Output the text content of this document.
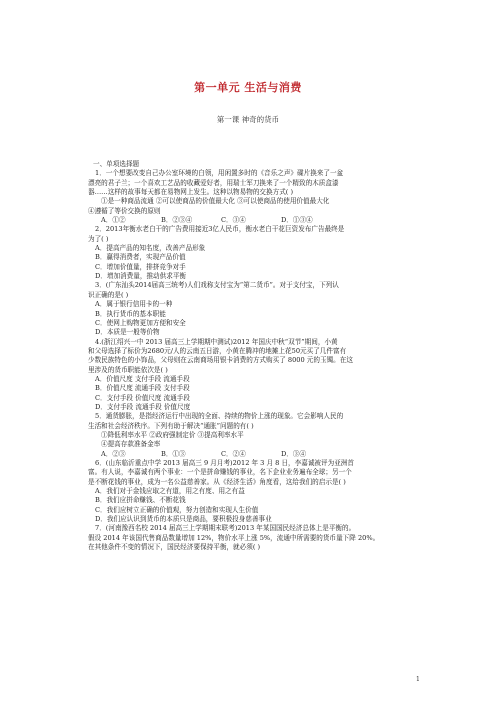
第一单元 生活与消费
第一课 神奇的货币

一、单项选择题

1．一个想要改变自己办公室环境的白领，用闲置多时的《音乐之声》碟片换来了一盆

漂亮的君子兰；一个喜欢工艺品的收藏爱好者，用瑞士军刀换来了一个精致的木质盒漆

器……这样的故事每天都在易物网上发生。这种以物易物的交换方式( )

①是一种商品流通 ②可以使商品的价值最大化 ③可以使商品的使用价值最大化

④遵循了等价交换的原则

A．①②	B．②③④	C．③④	D．①③④

2．2013年衡水老白干的广告费用接近3亿人民币，衡水老白干花巨资发布广告最终是

为了( )

A．提高产品的知名度，改善产品形象

B．赢得消费者，实现产品价值

C．增加价值量，排挤竞争对手

D．增加消费量，推动供求平衡

3．(广东汕头2014届高三统考)人们戏称支付宝为“第二货币”。对于支付宝，下列认

识正确的是( )

A．属于银行信用卡的一种

B．执行货币的基本职能

C．使网上购物更加方便和安全

D．本质是一般等价物

4.(浙江绍兴一中 2013 届高三上学期期中测试)2012 年国庆中秋“双节”期间，小黄

和父母选择了标价为2680元/人的云南五日游，小黄在腾冲的地摊上花50元买了几件富有

少数民族特色的小饰品，父母则在云南商场用银卡消费的方式购买了 8000 元的玉镯。在这

里涉及的货币职能依次是( )

A．价值尺度 支付手段 流通手段

B．价值尺度 流通手段 支付手段

C．支付手段 价值尺度 流通手段

D．支付手段 流通手段 价值尺度

5．通货膨胀，是指经济运行中出现的全面、持续的物价上涨的现象。它会影响人民的

生活和社会经济秩序。下列有助于解决“通胀”问题的有( )

①降低利率水平 ②政府强制定价 ③提高利率水平

④提高存款准备金率

A．②③	B．①③	C．②④	D．③④

6．(山东临沂重点中学 2013 届高三 9 月月考)2012 年 3 月 8 日，李嘉诚被评为亚洲首

富。有人说，李嘉诚有两个事业：一个是拼命赚钱的事业，名下企业业务遍布全球；另一个

是不断花钱的事业，成为一名公益慈善家。从《经济生活》角度看，这给我们的启示是( )

A．我们对于金钱应取之有道，用之有度、用之有益

B．我们应拼命赚钱、不断花钱

C．我们应树立正确的价值观，努力创造和实现人生价值

D．我们应认识到货币的本质只是商品，要积极投身慈善事业

7．(河南豫西名校 2014 届高三上学期期末联考)2013 年某国国民经济总体上是平衡的。

假设 2014 年该国代售商品数量增加 12%，物价水平上涨 5%，流通中所需要的货币量下降 20%。

在其他条件不变的情况下，国民经济要保持平衡，就必须( )

1
